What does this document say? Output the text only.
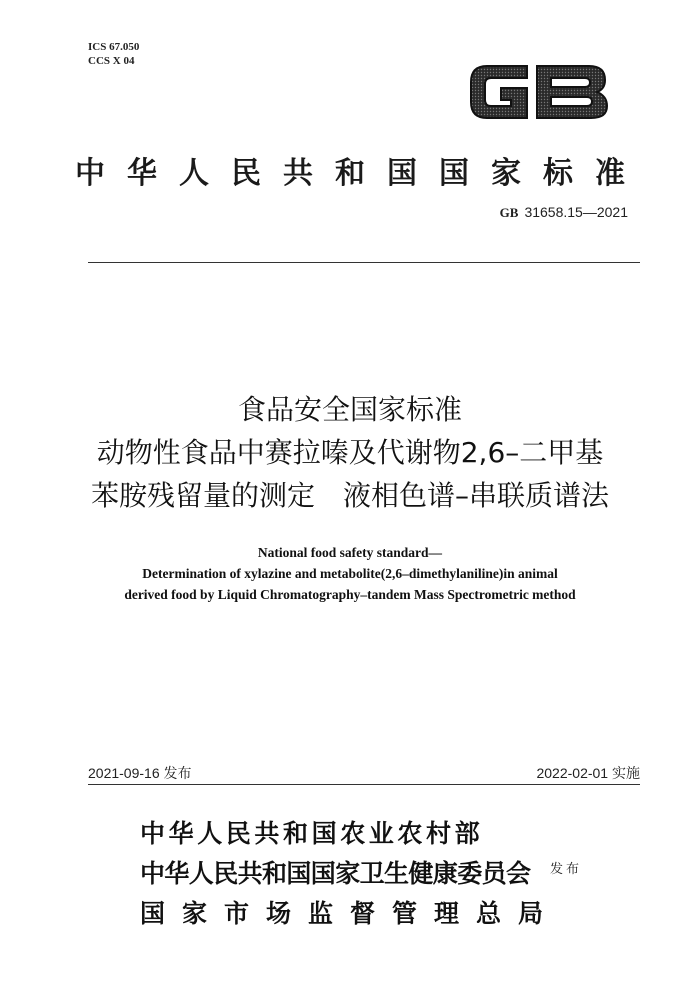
ICS 67.050
CCS X 04	GB
中华人民共和国国家标准
GB 31658.15—2021
食品安全国家标准
动物性食品中赛拉嗪及代谢物2,6–二甲基
苯胺残留量的测定　液相色谱–串联质谱法
National food safety standard—
Determination of xylazine and metabolite(2,6–dimethylaniline)in animal
derived food by Liquid Chromatography–tandem Mass Spectrometric method
2021-09-16 发布	2022-02-01 实施
中华人民共和国农业农村部
中华人民共和国国家卫生健康委员会
国家市场监督管理总局
发布
